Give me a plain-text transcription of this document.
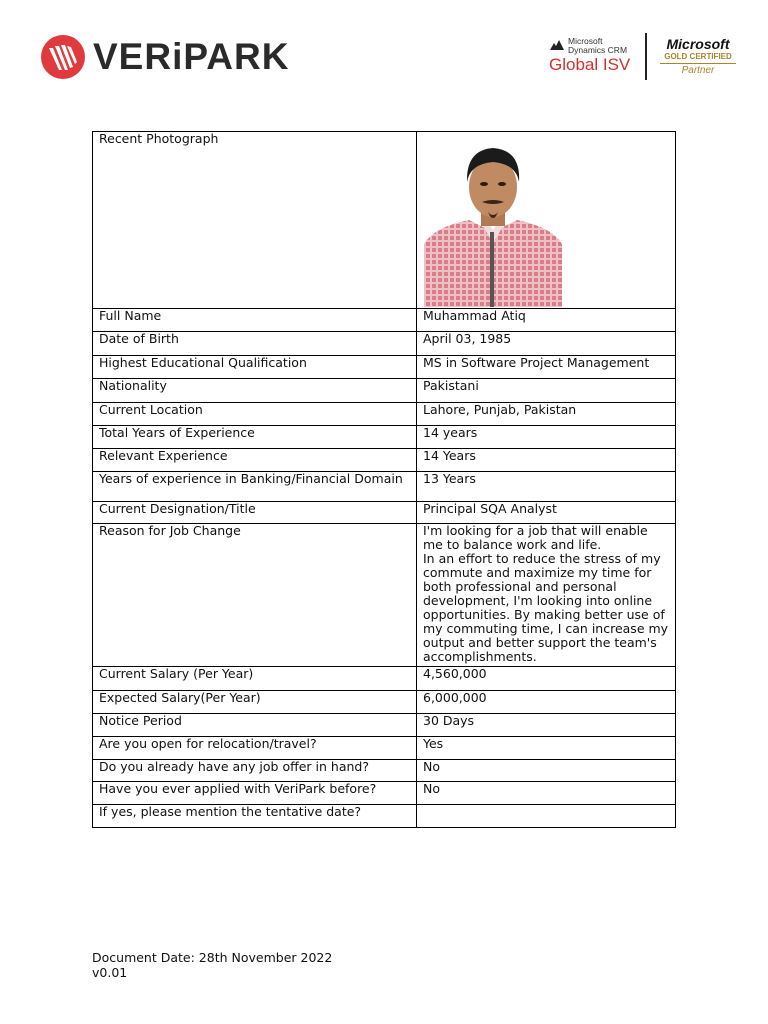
VERiPARK	Microsoft
Dynamics CRM
Global ISV
Microsoft
GOLD CERTIFIED
Partner
Recent Photograph	

Full Name	Muhammad Atiq
Date of Birth	April 03, 1985
Highest Educational Qualification	MS in Software Project Management
Nationality	Pakistani
Current Location	Lahore, Punjab, Pakistan
Total Years of Experience	14 years
Relevant Experience	14 Years
Years of experience in Banking/Financial Domain	13 Years
Current Designation/Title	Principal SQA Analyst
Reason for Job Change	I'm looking for a job that will enable me to balance work and life.
In an effort to reduce the stress of my commute and maximize my time for both professional and personal development, I'm looking into online opportunities. By making better use of my commuting time, I can increase my output and better support the team's accomplishments.

Current Salary (Per Year)	4,560,000
Expected Salary(Per Year)	6,000,000
Notice Period	30 Days
Are you open for relocation/travel?	Yes
Do you already have any job offer in hand?	No
Have you ever applied with VeriPark before?	No
If yes, please mention the tentative date?	
Document Date: 28th November 2022
v0.01
